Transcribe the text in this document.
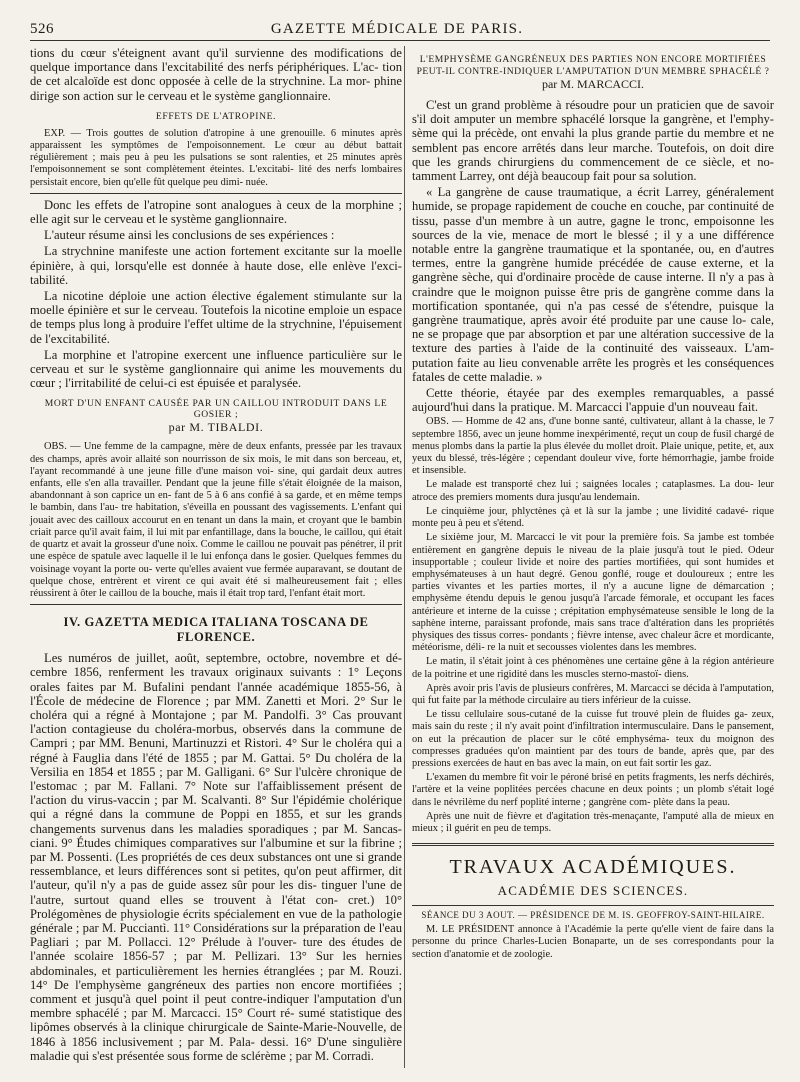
526	GAZETTE MÉDICALE DE PARIS.

tions du cœur s'éteignent avant qu'il survienne des modifications de quelque importance dans l'excitabilité des nerfs périphériques. L'ac- tion de cet alcaloïde est donc opposée à celle de la strychnine. La mor- phine dirige son action sur le cerveau et le système ganglionnaire.

EFFETS DE L'ATROPINE.

EXP. — Trois gouttes de solution d'atropine à une grenouille. 6 minutes après apparaissent les symptômes de l'empoisonnement. Le cœur au début battait régulièrement ; mais peu à peu les pulsations se sont ralenties, et 25 minutes après l'empoisonnement se sont complètement éteintes. L'excitabi- lité des nerfs lombaires persistait encore, bien qu'elle fût quelque peu dimi- nuée.

Donc les effets de l'atropine sont analogues à ceux de la morphine ; elle agit sur le cerveau et le système ganglionnaire.

L'auteur résume ainsi les conclusions de ses expériences :

La strychnine manifeste une action fortement excitante sur la moelle épinière, à qui, lorsqu'elle est donnée à haute dose, elle enlève l'exci- tabilité.

La nicotine déploie une action élective également stimulante sur la moelle épinière et sur le cerveau. Toutefois la nicotine emploie un espace de temps plus long à produire l'effet ultime de la strychnine, l'épuisement de l'excitabilité.

La morphine et l'atropine exercent une influence particulière sur le cerveau et sur le système ganglionnaire qui anime les mouvements du cœur ; l'irritabilité de celui-ci est épuisée et paralysée.

MORT D'UN ENFANT CAUSÉE PAR UN CAILLOU INTRODUIT DANS LE GOSIER ;
par M. TIBALDI.

OBS. — Une femme de la campagne, mère de deux enfants, pressée par les travaux des champs, après avoir allaité son nourrisson de six mois, le mit dans son berceau, et, l'ayant recommandé à une jeune fille d'une maison voi- sine, qui gardait deux autres enfants, elle s'en alla travailler. Pendant que la jeune fille s'était éloignée de la maison, abandonnant à son caprice un en- fant de 5 à 6 ans confié à sa garde, et en même temps le bambin, dans l'au- tre habitation, s'éveilla en poussant des vagissements. L'enfant qui jouait avec des cailloux accourut en en tenant un dans la main, et croyant que le bambin criait parce qu'il avait faim, il lui mit par enfantillage, dans la bouche, le caillou, qui était de quartz et avait la grosseur d'une noix. Comme le caillou ne pouvait pas pénétrer, il prit une espèce de spatule avec laquelle il le lui enfonça dans le gosier. Quelques femmes du voisinage voyant la porte ou- verte qu'elles avaient vue fermée auparavant, se doutant de quelque chose, entrèrent et virent ce qui avait été si malheureusement fait ; elles réussirent à ôter le caillou de la bouche, mais il était trop tard, l'enfant était mort.

IV. GAZETTA MEDICA ITALIANA TOSCANA DE FLORENCE.

Les numéros de juillet, août, septembre, octobre, novembre et dé- cembre 1856, renferment les travaux originaux suivants : 1° Leçons orales faites par M. Bufalini pendant l'année académique 1855-56, à l'École de médecine de Florence ; par MM. Zanetti et Mori. 2° Sur le choléra qui a régné à Montajone ; par M. Pandolfi. 3° Cas prouvant l'action contagieuse du choléra-morbus, observés dans la commune de Campri ; par MM. Benuni, Martinuzzi et Ristori. 4° Sur le choléra qui a régné à Fauglia dans l'été de 1855 ; par M. Gattai. 5° Du choléra de la Versilia en 1854 et 1855 ; par M. Galligani. 6° Sur l'ulcère chronique de l'estomac ; par M. Fallani. 7° Note sur l'affaiblissement présent de l'action du virus-vaccin ; par M. Scalvanti. 8° Sur l'épidémie cholérique qui a régné dans la commune de Poppi en 1855, et sur les grands changements survenus dans les maladies sporadiques ; par M. Sancas- ciani. 9° Études chimiques comparatives sur l'albumine et sur la fibrine ; par M. Possenti. (Les propriétés de ces deux substances ont une si grande ressemblance, et leurs différences sont si petites, qu'on peut affirmer, dit l'auteur, qu'il n'y a pas de guide assez sûr pour les dis- tinguer l'une de l'autre, surtout quand elles se trouvent à l'état con- cret.) 10° Prolégomènes de physiologie écrits spécialement en vue de la pathologie générale ; par M. Pucciantì. 11° Considérations sur la préparation de l'eau Pagliari ; par M. Pollacci. 12° Prélude à l'ouver- ture des études de l'année scolaire 1856-57 ; par M. Pellizari. 13° Sur les hernies abdominales, et particulièrement les hernies étranglées ; par M. Rouzi. 14° De l'emphysème gangréneux des parties non encore mortifiées ; comment et jusqu'à quel point il peut contre-indiquer l'amputation d'un membre sphacélé ; par M. Marcacci. 15° Court ré- sumé statistique des lipômes observés à la clinique chirurgicale de Sainte-Marie-Nouvelle, de 1846 à 1856 inclusivement ; par M. Pala- dessi. 16° D'une singulière maladie qui s'est présentée sous forme de sclérème ; par M. Corradi.

L'EMPHYSÈME GANGRÉNEUX DES PARTIES NON ENCORE MORTIFIÉES PEUT-IL CONTRE-INDIQUER L'AMPUTATION D'UN MEMBRE SPHACÉLÉ ? par M. MARCACCI.

C'est un grand problème à résoudre pour un praticien que de savoir s'il doit amputer un membre sphacélé lorsque la gangrène, et l'emphy- sème qui la précède, ont envahi la plus grande partie du membre et ne semblent pas encore arrêtés dans leur marche. Toutefois, on doit dire que les grands chirurgiens du commencement de ce siècle, et no- tamment Larrey, ont déjà beaucoup fait pour sa solution.

« La gangrène de cause traumatique, a écrit Larrey, généralement humide, se propage rapidement de couche en couche, par continuité de tissu, passe d'un membre à un autre, gagne le tronc, empoisonne les sources de la vie, menace de mort le blessé ; il y a une différence notable entre la gangrène traumatique et la spontanée, ou, en d'autres termes, entre la gangrène humide précédée de cause externe, et la gangrène sèche, qui d'ordinaire procède de cause interne. Il n'y a pas à craindre que le moignon puisse être pris de gangrène comme dans la mortification spontanée, qui n'a pas cessé de s'étendre, puisque la gangrène traumatique, après avoir été produite par une cause lo- cale, ne se propage que par absorption et par une altération successive de la texture des parties à l'aide de la continuité des vaisseaux. L'am- putation faite au lieu convenable arrête les progrès et les conséquences fatales de cette maladie. »

Cette théorie, étayée par des exemples remarquables, a passé aujourd'hui dans la pratique. M. Marcacci l'appuie d'un nouveau fait.

OBS. — Homme de 42 ans, d'une bonne santé, cultivateur, allant à la chasse, le 7 septembre 1856, avec un jeune homme inexpérimenté, reçut un coup de fusil chargé de menus plombs dans la partie la plus élevée du mollet droit. Plaie unique, petite, et, aux yeux du blessé, très-légère ; cependant douleur vive, forte hémorrhagie, jambe froide et insensible.

Le malade est transporté chez lui ; saignées locales ; cataplasmes. La dou- leur atroce des premiers moments dura jusqu'au lendemain.

Le cinquième jour, phlyctènes çà et là sur la jambe ; une lividité cadavé- rique monte peu à peu et s'étend.

Le sixième jour, M. Marcacci le vit pour la première fois. Sa jambe est tombée entièrement en gangrène depuis le niveau de la plaie jusqu'à tout le pied. Odeur insupportable ; couleur livide et noire des parties mortifiées, qui sont humides et emphysémateuses à un haut degré. Genou gonflé, rouge et douloureux ; entre les parties vivantes et les parties mortes, il n'y a aucune ligne de démarcation ; emphysème étendu depuis le genou jusqu'à l'arcade fémorale, et occupant les faces antérieure et interne de la cuisse ; crépitation emphysémateuse sensible le long de la saphène interne, paraissant profonde, mais sans trace d'altération dans les propriétés physiques des tissus corres- pondants ; fièvre intense, avec chaleur âcre et mordicante, météorisme, déli- re la nuit et secousses violentes dans les membres.

Le matin, il s'était joint à ces phénomènes une certaine gêne à la région antérieure de la poitrine et une rigidité dans les muscles sterno-mastoï- diens.

Après avoir pris l'avis de plusieurs confrères, M. Marcacci se décida à l'amputation, qui fut faite par la méthode circulaire au tiers inférieur de la cuisse.

Le tissu cellulaire sous-cutané de la cuisse fut trouvé plein de fluides ga- zeux, mais sain du reste ; il n'y avait point d'infiltration intermusculaire. Dans le pansement, on eut la précaution de placer sur le côté emphyséma- teux du moignon des compresses graduées qu'on maintient par des tours de bande, après que, par des pressions exercées de haut en bas avec la main, on eut fait sortir les gaz.

L'examen du membre fit voir le péroné brisé en petits fragments, les nerfs déchirés, l'artère et la veine poplitées percées chacune en deux points ; un plomb s'était logé dans le névrilème du nerf poplité interne ; gangrène com- plète dans la peau.

Après une nuit de fièvre et d'agitation très-menaçante, l'amputé alla de mieux en mieux ; il guérit en peu de temps.

TRAVAUX ACADÉMIQUES.
ACADÉMIE DES SCIENCES.
SÉANCE DU 3 AOUT. — PRÉSIDENCE DE M. IS. GEOFFROY-SAINT-HILAIRE.

M. LE PRÉSIDENT annonce à l'Académie la perte qu'elle vient de faire dans la personne du prince Charles-Lucien Bonaparte, un de ses correspondants pour la section d'anatomie et de zoologie.
